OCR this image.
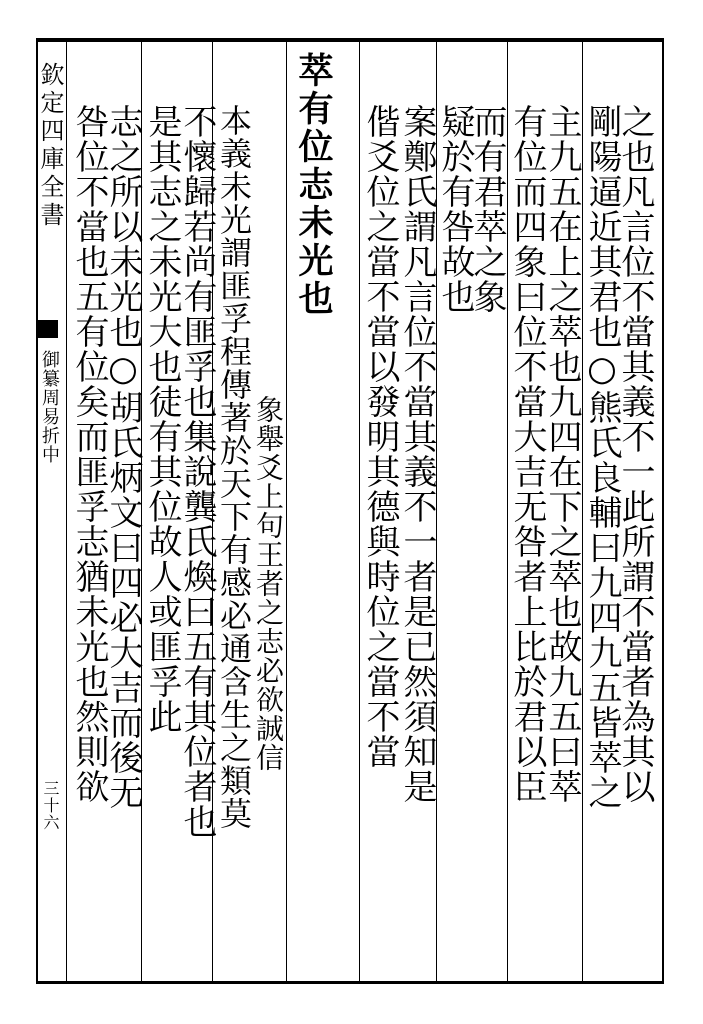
欽定四庫全書
御纂周易折中
三十六
之也凡言位不當其義不一此所謂不當者為其以
剛陽逼近其君也○熊氏良輔曰九四九五皆萃之
主九五在上之萃也九四在下之萃也故九五曰萃
有位而四象曰位不當大吉无咎者上比於君以臣
而有君萃之象
疑於有咎故也
案鄭氏謂凡言位不當其義不一者是已然須知是
偕爻位之當不當以發明其德與時位之當不當
萃有位志未光也
象舉爻上句王者之志必欲誠信
本義未光謂匪孚程傳著於天下有感必通含生之類莫
不懷歸若尚有匪孚也集說龔氏煥曰五有其位者也
是其志之未光大也徒有其位故人或匪孚此
志之所以未光也○胡氏炳文曰四必大吉而後无
咎位不當也五有位矣而匪孚志猶未光也然則欲
